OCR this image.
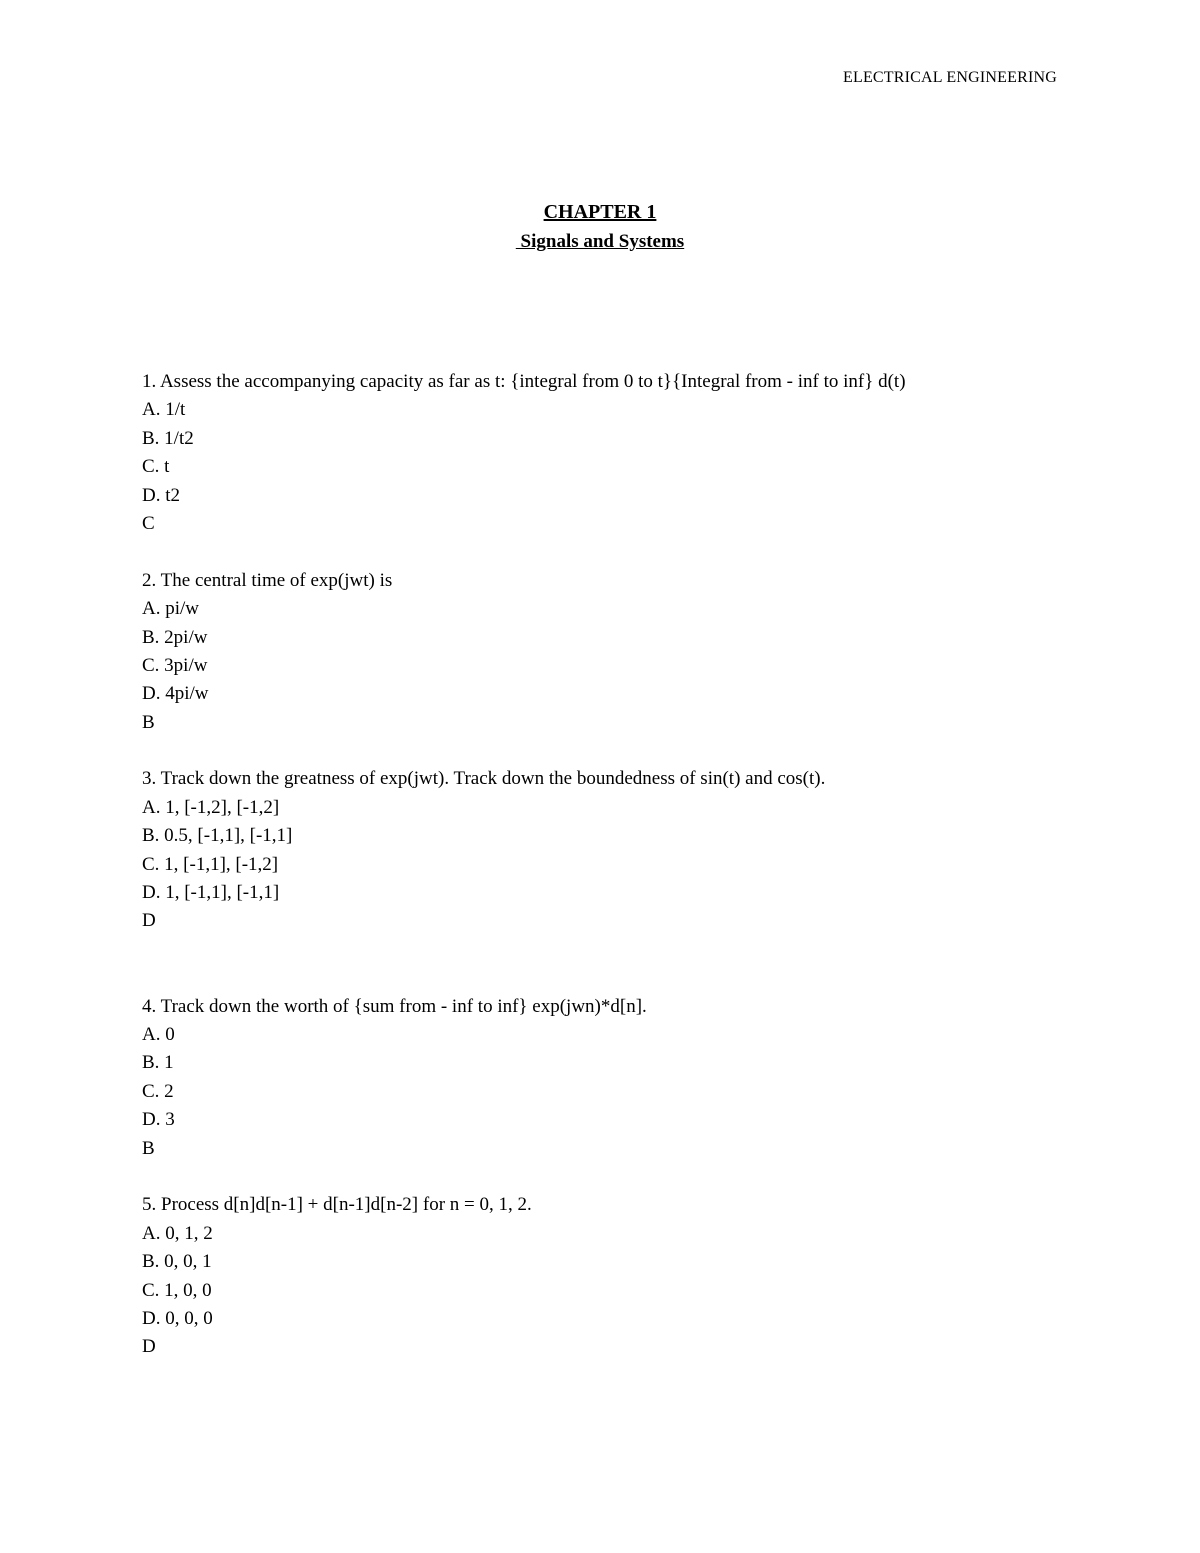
ELECTRICAL ENGINEERING
CHAPTER 1
Signals and Systems
1. Assess the accompanying capacity as far as t: {integral from 0 to t}{Integral from - inf to inf} d(t)
A. 1/t
B. 1/t2
C. t
D. t2
C
2. The central time of exp(jwt) is
A. pi/w
B. 2pi/w
C. 3pi/w
D. 4pi/w
B
3. Track down the greatness of exp(jwt). Track down the boundedness of sin(t) and cos(t).
A. 1, [-1,2], [-1,2]
B. 0.5, [-1,1], [-1,1]
C. 1, [-1,1], [-1,2]
D. 1, [-1,1], [-1,1]
D
4. Track down the worth of {sum from - inf to inf} exp(jwn)*d[n].
A. 0
B. 1
C. 2
D. 3
B
5. Process d[n]d[n-1] + d[n-1]d[n-2] for n = 0, 1, 2.
A. 0, 1, 2
B. 0, 0, 1
C. 1, 0, 0
D. 0, 0, 0
D
